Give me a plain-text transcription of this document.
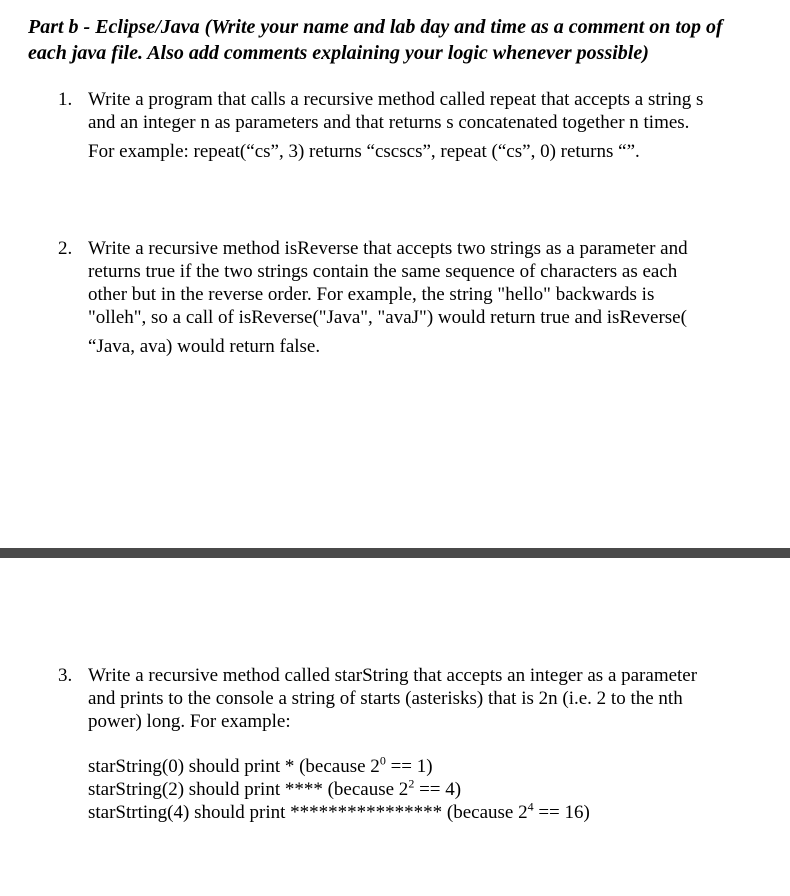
Part b - Eclipse/Java (Write your name and lab day and time as a comment on top of
each java file. Also add comments explaining your logic whenever possible)
1. Write a program that calls a recursive method called repeat that accepts a string s
and an integer n as parameters and that returns s concatenated together n times.
For example: repeat(“cs”, 3) returns “cscscs”, repeat (“cs”, 0) returns “”.
2. Write a recursive method isReverse that accepts two strings as a parameter and
returns true if the two strings contain the same sequence of characters as each
other but in the reverse order. For example, the string "hello" backwards is
"olleh", so a call of isReverse("Java", "avaJ") would return true and isReverse(
“Java, ava) would return false.
3. Write a recursive method called starString that accepts an integer as a parameter
and prints to the console a string of starts (asterisks) that is 2n (i.e. 2 to the nth
power) long. For example:
starString(0) should print * (because $2^0 == 1$)
starString(2) should print **** (because $2^2 == 4$)
starStrting(4) should print **************** (because $2^4 == 16$)
